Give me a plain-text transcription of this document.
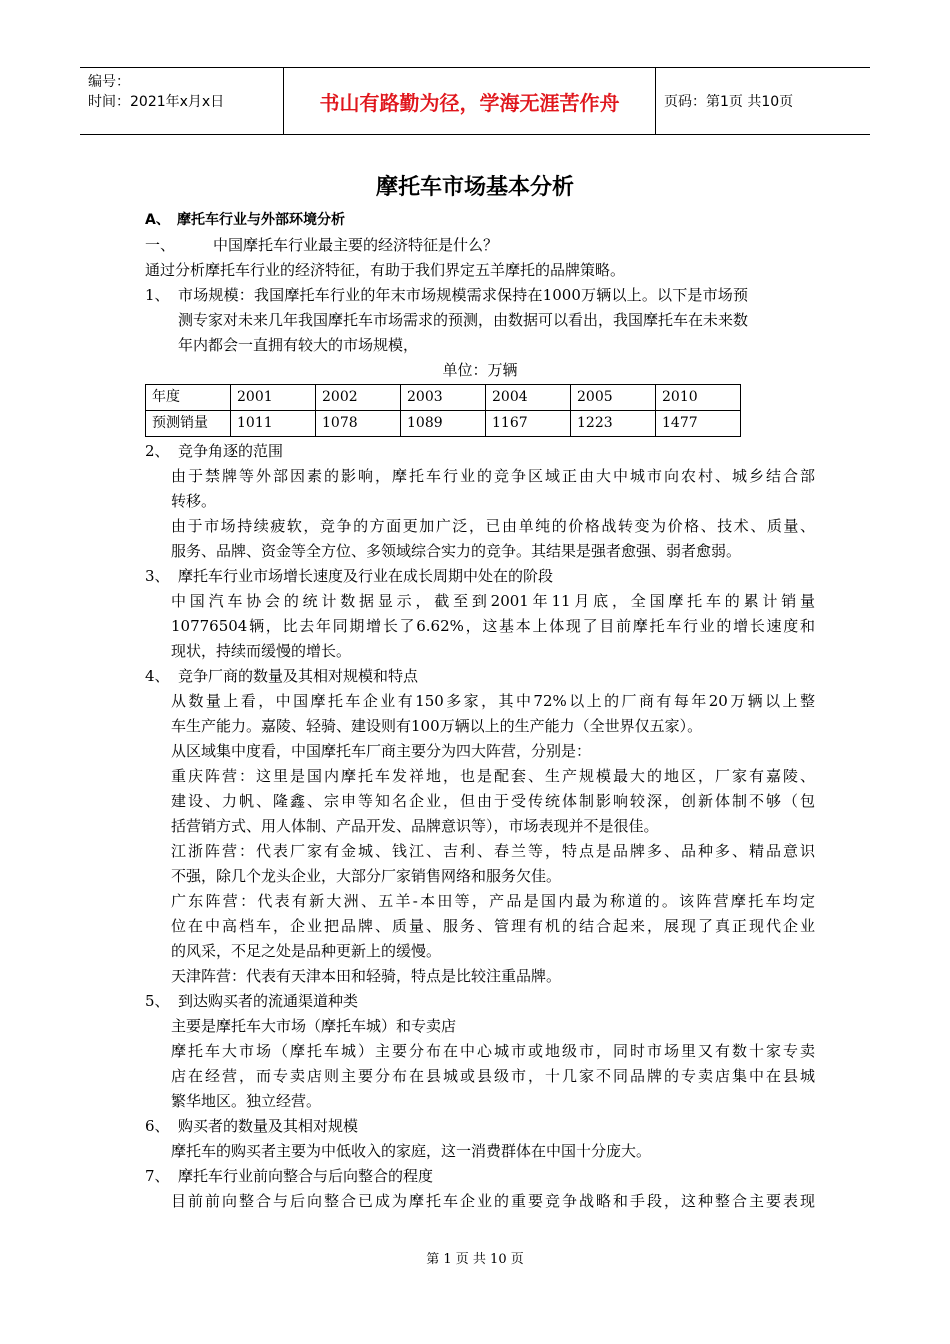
编号：
时间：2021年x月x日	书山有路勤为径，学海无涯苦作舟	页码：第1页 共10页
摩托车市场基本分析
A、 摩托车行业与外部环境分析
一、	中国摩托车行业最主要的经济特征是什么？
通过分析摩托车行业的经济特征，有助于我们界定五羊摩托的品牌策略。
1、 市场规模：我国摩托车行业的年末市场规模需求保持在1000万辆以上。以下是市场预
测专家对未来几年我国摩托车市场需求的预测，由数据可以看出，我国摩托车在未来数
年内都会一直拥有较大的市场规模，
单位：万辆
年度	2001	2002	2003	2004	2005	2010
预测销量	1011	1078	1089	1167	1223	1477
2、 竞争角逐的范围
由于禁牌等外部因素的影响，摩托车行业的竞争区域正由大中城市向农村、城乡结合部
转移。
由于市场持续疲软，竞争的方面更加广泛，已由单纯的价格战转变为价格、技术、质量、
服务、品牌、资金等全方位、多领域综合实力的竞争。其结果是强者愈强、弱者愈弱。
3、 摩托车行业市场增长速度及行业在成长周期中处在的阶段
中国汽车协会的统计数据显示，截至到2001年11月底，全国摩托车的累计销量
10776504辆，比去年同期增长了6.62%，这基本上体现了目前摩托车行业的增长速度和
现状，持续而缓慢的增长。
4、 竞争厂商的数量及其相对规模和特点
从数量上看，中国摩托车企业有150多家，其中72%以上的厂商有每年20万辆以上整
车生产能力。嘉陵、轻骑、建设则有100万辆以上的生产能力（全世界仅五家）。
从区域集中度看，中国摩托车厂商主要分为四大阵营，分别是：
重庆阵营：这里是国内摩托车发祥地，也是配套、生产规模最大的地区，厂家有嘉陵、
建设、力帆、隆鑫、宗申等知名企业，但由于受传统体制影响较深，创新体制不够（包
括营销方式、用人体制、产品开发、品牌意识等），市场表现并不是很佳。
江浙阵营：代表厂家有金城、钱江、吉利、春兰等，特点是品牌多、品种多、精品意识
不强，除几个龙头企业，大部分厂家销售网络和服务欠佳。
广东阵营：代表有新大洲、五羊-本田等，产品是国内最为称道的。该阵营摩托车均定
位在中高档车，企业把品牌、质量、服务、管理有机的结合起来，展现了真正现代企业
的风采，不足之处是品种更新上的缓慢。
天津阵营：代表有天津本田和轻骑，特点是比较注重品牌。
5、 到达购买者的流通渠道种类
主要是摩托车大市场（摩托车城）和专卖店
摩托车大市场（摩托车城）主要分布在中心城市或地级市，同时市场里又有数十家专卖
店在经营，而专卖店则主要分布在县城或县级市，十几家不同品牌的专卖店集中在县城
繁华地区。独立经营。
6、 购买者的数量及其相对规模
摩托车的购买者主要为中低收入的家庭，这一消费群体在中国十分庞大。
7、 摩托车行业前向整合与后向整合的程度
目前前向整合与后向整合已成为摩托车企业的重要竞争战略和手段，这种整合主要表现
第 1 页 共 10 页
